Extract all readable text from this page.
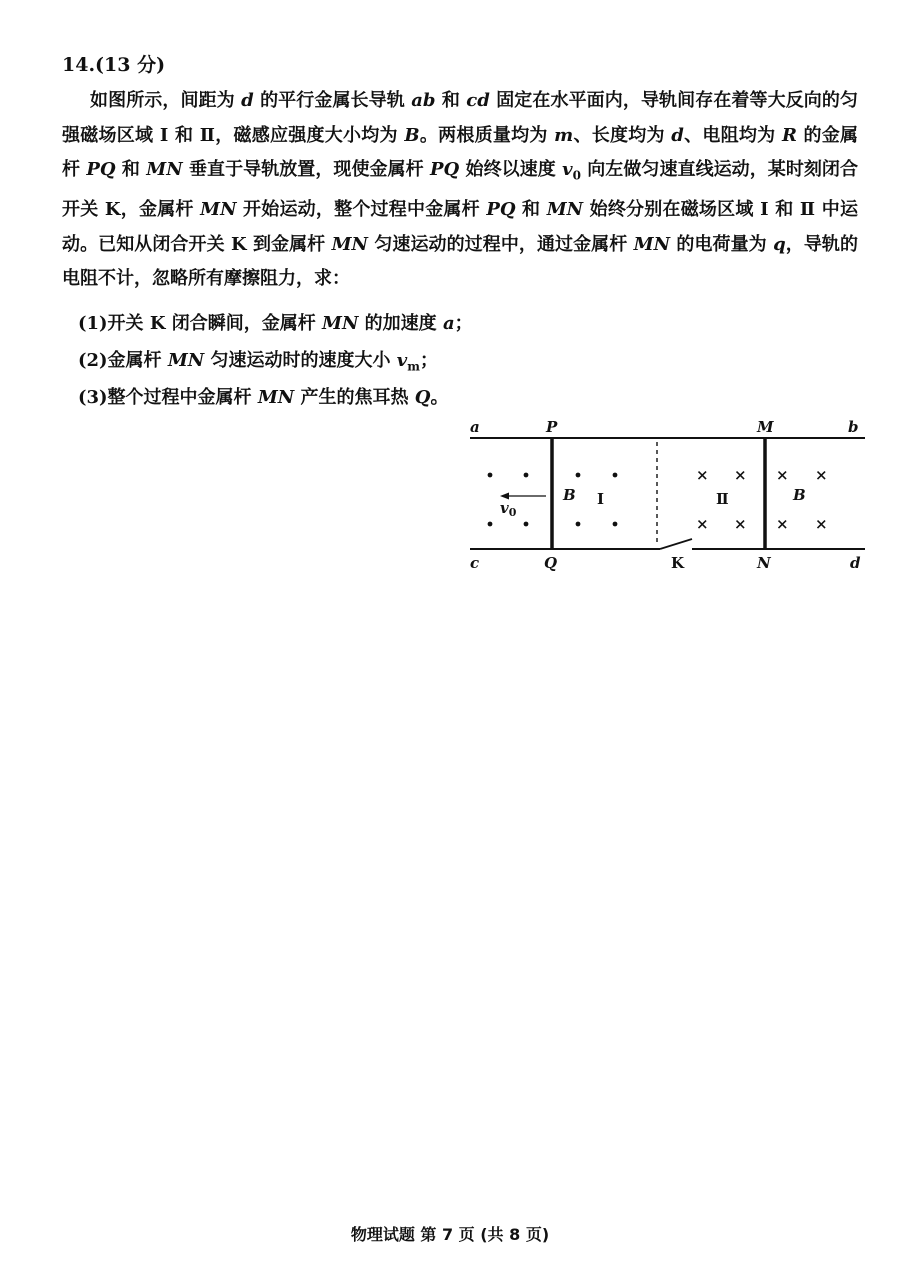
14.(13 分)

如图所示，间距为 d 的平行金属长导轨 ab 和 cd 固定在水平面内，导轨间存在着等大反向的匀强磁场区域 Ⅰ 和 Ⅱ，磁感应强度大小均为 B。两根质量均为 m、长度均为 d、电阻均为 R 的金属杆 PQ 和 MN 垂直于导轨放置，现使金属杆 PQ 始终以速度 $v_0$ 向左做匀速直线运动，某时刻闭合开关 K，金属杆 MN 开始运动，整个过程中金属杆 PQ 和 MN 始终分别在磁场区域 Ⅰ 和 Ⅱ 中运动。已知从闭合开关 K 到金属杆 MN 匀速运动的过程中，通过金属杆 MN 的电荷量为 q，导轨的电阻不计，忽略所有摩擦阻力，求：

(1)开关 K 闭合瞬间，金属杆 MN 的加速度 a；

(2)金属杆 MN 匀速运动时的速度大小 $v_m$；

(3)整个过程中金属杆 MN 产生的焦耳热 Q。

× × × ×
× × × ×
$v_0$
a	P	M	b
c	Q	K	N	d
B Ⅰ	Ⅱ	B
物理试题 第 7 页 (共 8 页)
